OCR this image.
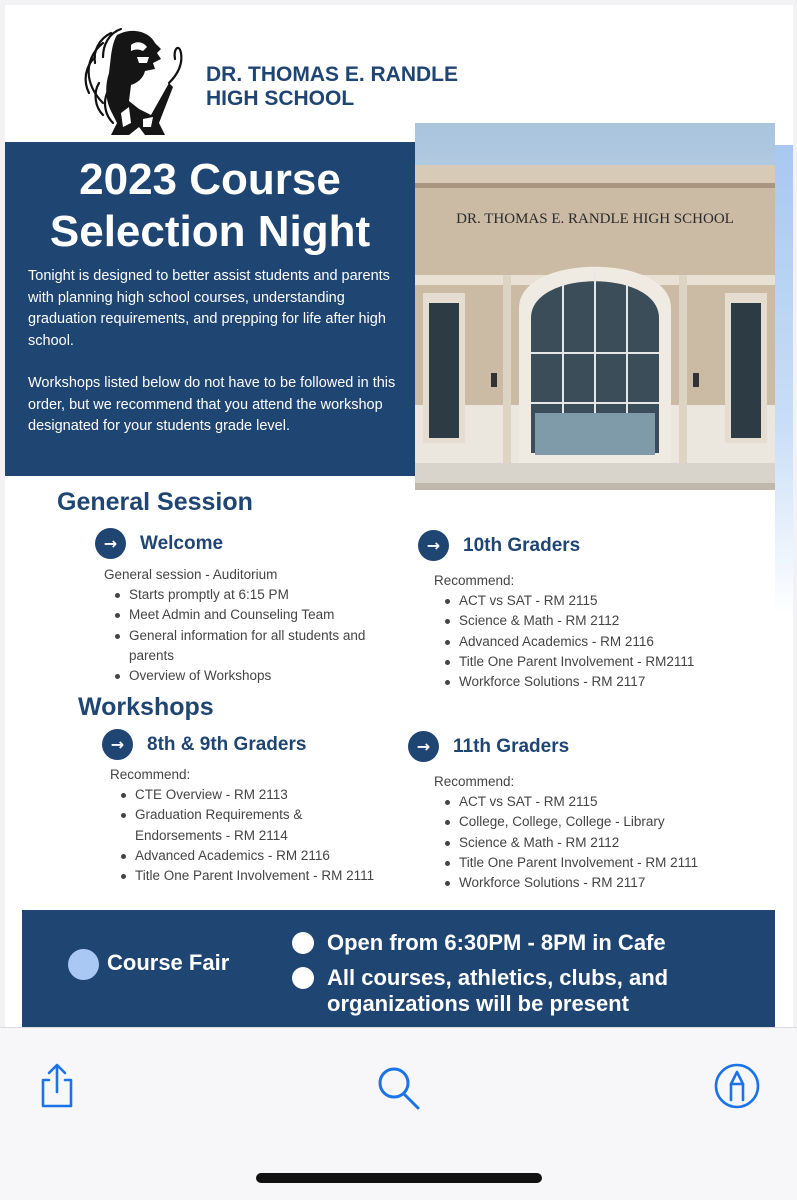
DR. THOMAS E. RANDLE
HIGH SCHOOL
2023 Course
Selection Night

Tonight is designed to better assist students and parents with planning high school courses, understanding graduation requirements, and prepping for life after high school.

Workshops listed below do not have to be followed in this order, but we recommend that you attend the workshop designated for your students grade level.

DR. THOMAS E. RANDLE HIGH SCHOOL
General Session
→	Welcome
General session - Auditorium
Starts promptly at 6:15 PM
Meet Admin and Counseling Team
General information for all students and parents
Overview of Workshops
Workshops
→	8th & 9th Graders
Recommend:
CTE Overview - RM 2113
Graduation Requirements & Endorsements - RM 2114
Advanced Academics - RM 2116
Title One Parent Involvement - RM 2111
→	10th Graders
Recommend:
ACT vs SAT - RM 2115
Science & Math - RM 2112
Advanced Academics - RM 2116
Title One Parent Involvement - RM2111
Workforce Solutions - RM 2117
→	11th Graders
Recommend:
ACT vs SAT - RM 2115
College, College, College - Library
Science & Math - RM 2112
Title One Parent Involvement - RM 2111
Workforce Solutions - RM 2117
Course Fair
Open from 6:30PM - 8PM in Cafe
All courses, athletics, clubs, and organizations will be present
